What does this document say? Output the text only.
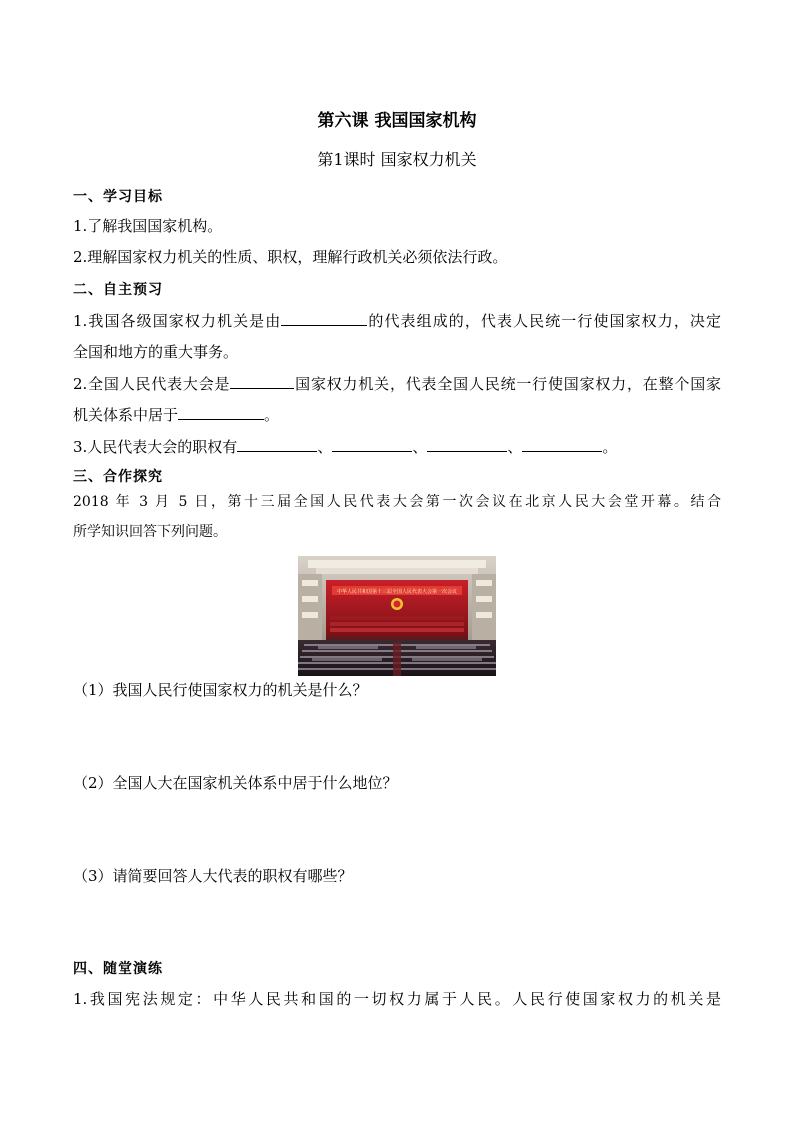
第六课 我国国家机构
第1课时 国家权力机关
一、学习目标
1.了解我国国家机构。
2.理解国家权力机关的性质、职权，理解行政机关必须依法行政。
二、自主预习
1.我国各级国家权力机关是由	的代表组成的，代表人民统一行使国家权力，决定
全国和地方的重大事务。
2.全国人民代表大会是	国家权力机关，代表全国人民统一行使国家权力，在整个国家
机关体系中居于	。
3.人民代表大会的职权有	、	、	、	。
三、合作探究
2018 年 3 月 5 日，第十三届全国人民代表大会第一次会议在北京人民大会堂开幕。结合
所学知识回答下列问题。
中华人民共和国第十三届全国人民代表大会第一次会议
（1）我国人民行使国家权力的机关是什么？
（2）全国人大在国家机关体系中居于什么地位？
（3）请简要回答人大代表的职权有哪些？
四、随堂演练
1.我国宪法规定：中华人民共和国的一切权力属于人民。人民行使国家权力的机关是
